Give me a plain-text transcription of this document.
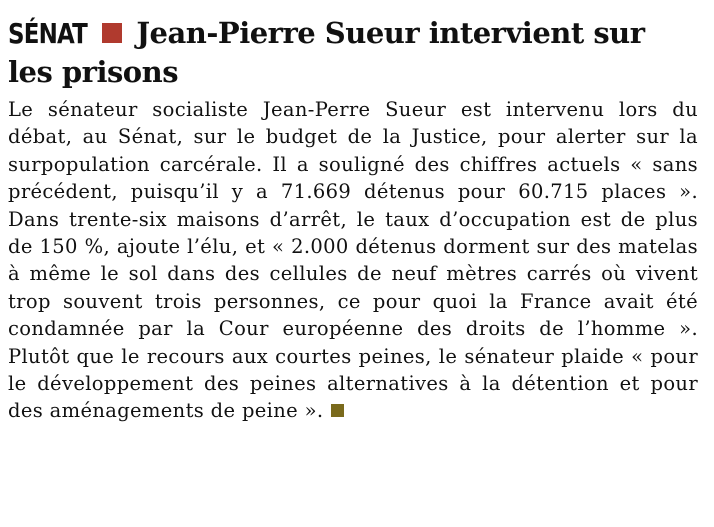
SÉNAT Jean-Pierre Sueur intervient sur les prisons

Le sénateur socialiste Jean-Perre Sueur est intervenu lors du débat, au Sénat, sur le budget de la Justice, pour alerter sur la surpopulation carcérale. Il a souligné des chiffres actuels « sans précédent, puisqu’il y a 71.669 détenus pour 60.715 places ». Dans trente-six maisons d’arrêt, le taux d’occupation est de plus de 150 %, ajoute l’élu, et « 2.000 détenus dorment sur des matelas à même le sol dans des cellules de neuf mètres carrés où vivent trop souvent trois personnes, ce pour quoi la France avait été condamnée par la Cour européenne des droits de l’homme ». Plutôt que le recours aux courtes peines, le sénateur plaide « pour le développement des peines alternatives à la détention et pour des aménagements de peine ».
